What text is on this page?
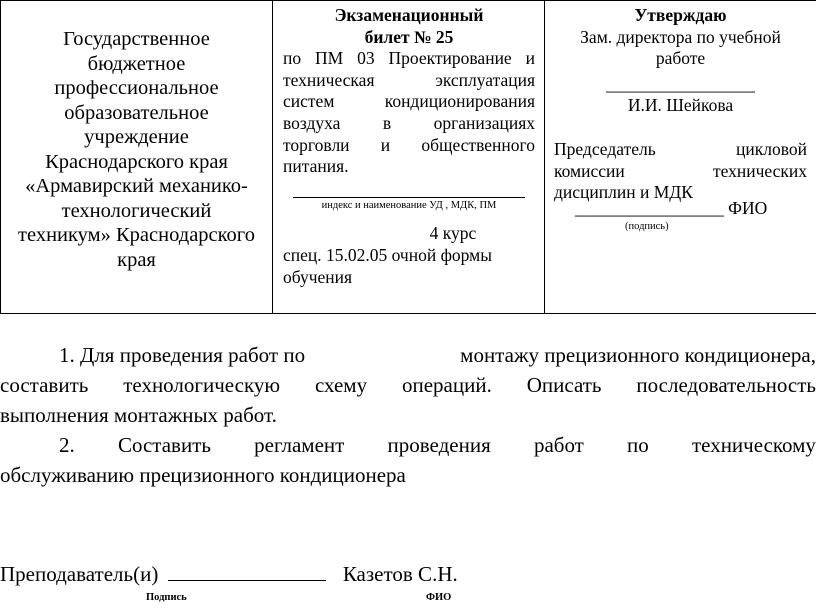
Государственное
бюджетное
профессиональное
образовательное
учреждение
Краснодарского края
«Армавирский механико-
технологический
техникум» Краснодарского
края

Экзаменационный
билет № 25
по ПМ 03 Проектирование и
техническая	эксплуатация
систем	кондиционирования
воздуха в организациях
торговли и общественного
питания.
индекс и наименование УД , МДК, ПМ
4 курс
спец. 15.02.05 очной формы
обучения

Утверждаю
Зам. директора по учебной
работе
_________________
И.И. Шейкова
Председатель	цикловой
комиссии	технических
дисциплин и МДК
_________________ ФИО
(подпись)
1. Для проведения работ по	монтажу прецизионного кондиционера,
составить технологическую схему операций. Описать последовательность
выполнения монтажных работ.
2. Составить регламент проведения работ по техническому
обслуживанию прецизионного кондиционера
Преподаватель(и)	Казетов С.Н.
Подпись	ФИО
